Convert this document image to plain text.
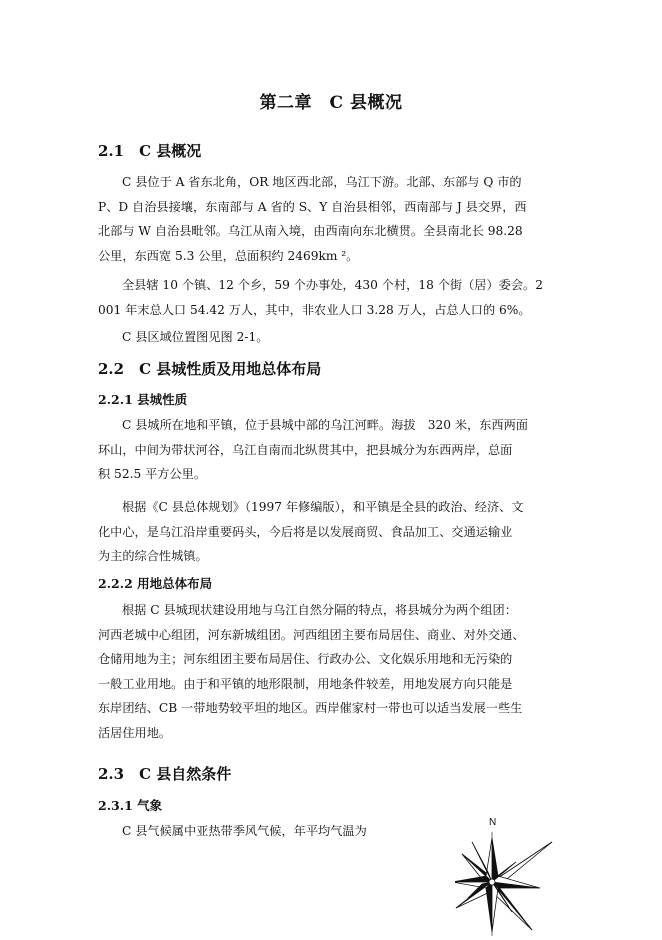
第二章　C 县概况
2.1　C 县概况
C 县位于 A 省东北角，OR 地区西北部，乌江下游。北部、东部与 Q 市的
P、D 自治县接壤，东南部与 A 省的 S、Y 自治县相邻，西南部与 J 县交界，西
北部与 W 自治县毗邻。乌江从南入境，由西南向东北横贯。全县南北长 98.28
公里，东西宽 5.3 公里，总面积约 2469km ²。
全县辖 10 个镇、12 个乡，59 个办事处，430 个村，18 个街（居）委会。2
001 年末总人口 54.42 万人，其中，非农业人口 3.28 万人，占总人口的 6%。
C 县区域位置图见图 2-1。
2.2　C 县城性质及用地总体布局
2.2.1 县城性质
C 县城所在地和平镇，位于县城中部的乌江河畔。海拔　320 米，东西两面
环山，中间为带状河谷，乌江自南而北纵贯其中，把县城分为东西两岸，总面
积 52.5 平方公里。
根据《C 县总体规划》（1997 年修编版），和平镇是全县的政治、经济、文
化中心，是乌江沿岸重要码头，今后将是以发展商贸、食品加工、交通运输业
为主的综合性城镇。
2.2.2 用地总体布局
根据 C 县城现状建设用地与乌江自然分隔的特点，将县城分为两个组团：
河西老城中心组团，河东新城组团。河西组团主要布局居住、商业、对外交通、
仓储用地为主；河东组团主要布局居住、行政办公、文化娱乐用地和无污染的
一般工业用地。由于和平镇的地形限制，用地条件较差，用地发展方向只能是
东岸团结、CB 一带地势较平坦的地区。西岸催家村一带也可以适当发展一些生
活居住用地。
2.3　C 县自然条件
2.3.1 气象
C 县气候属中亚热带季风气候，年平均气温为
N
